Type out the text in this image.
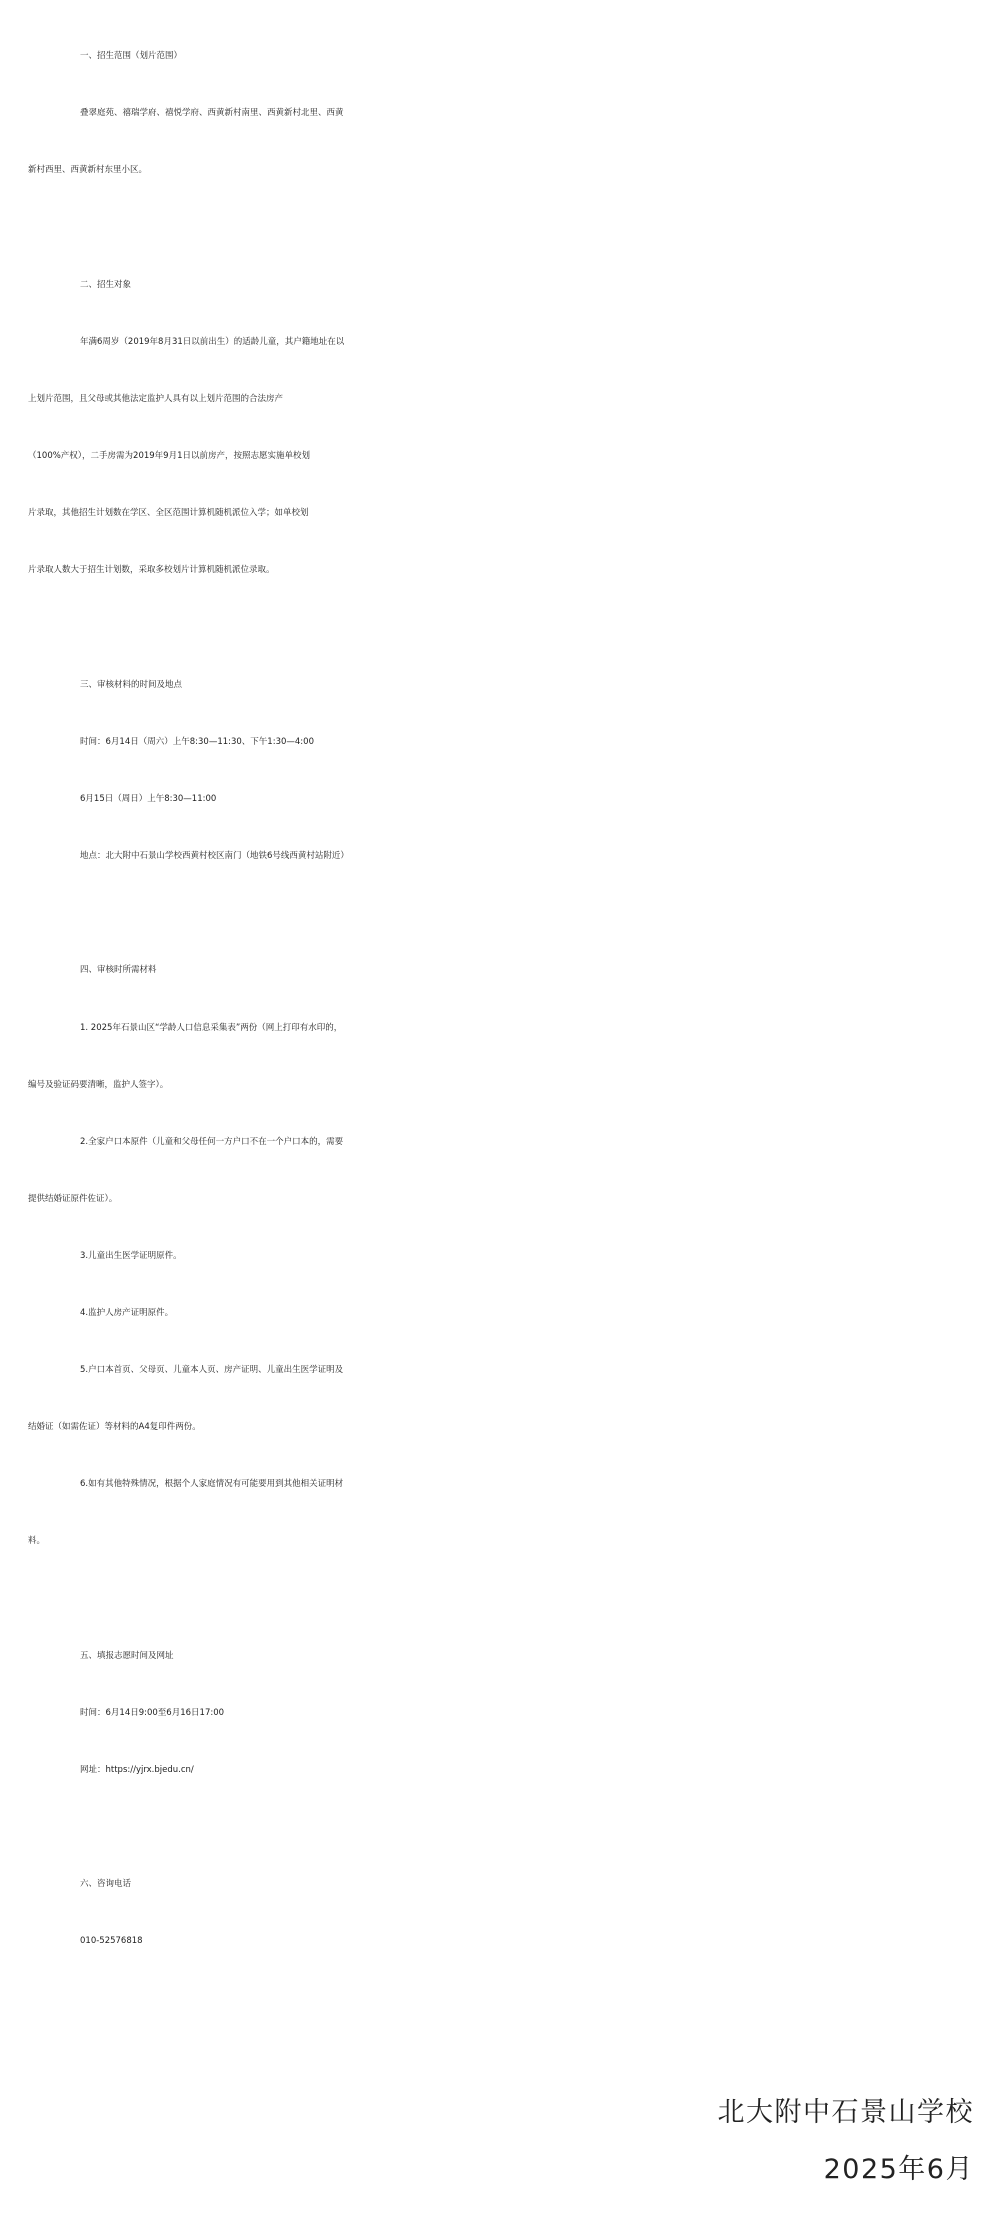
一、招生范围（划片范围）
叠翠庭苑、禧瑞学府、禧悦学府、西黄新村南里、西黄新村北里、西黄
新村西里、西黄新村东里小区。
二、招生对象
年满6周岁（2019年8月31日以前出生）的适龄儿童，其户籍地址在以
上划片范围，且父母或其他法定监护人具有以上划片范围的合法房产
（100%产权），二手房需为2019年9月1日以前房产，按照志愿实施单校划
片录取，其他招生计划数在学区、全区范围计算机随机派位入学；如单校划
片录取人数大于招生计划数，采取多校划片计算机随机派位录取。
三、审核材料的时间及地点
时间：6月14日（周六）上午8:30—11:30、下午1:30—4:00
6月15日（周日）上午8:30—11:00
地点：北大附中石景山学校西黄村校区南门（地铁6号线西黄村站附近）
四、审核时所需材料
1. 2025年石景山区“学龄人口信息采集表”两份（网上打印有水印的，
编号及验证码要清晰，监护人签字）。
2.全家户口本原件（儿童和父母任何一方户口不在一个户口本的，需要
提供结婚证原件佐证）。
3.儿童出生医学证明原件。
4.监护人房产证明原件。
5.户口本首页、父母页、儿童本人页、房产证明、儿童出生医学证明及
结婚证（如需佐证）等材料的A4复印件两份。
6.如有其他特殊情况，根据个人家庭情况有可能要用到其他相关证明材
料。
五、填报志愿时间及网址
时间：6月14日9:00至6月16日17:00
网址：https://yjrx.bjedu.cn/
六、咨询电话
010-52576818
北大附中石景山学校
2025年6月
